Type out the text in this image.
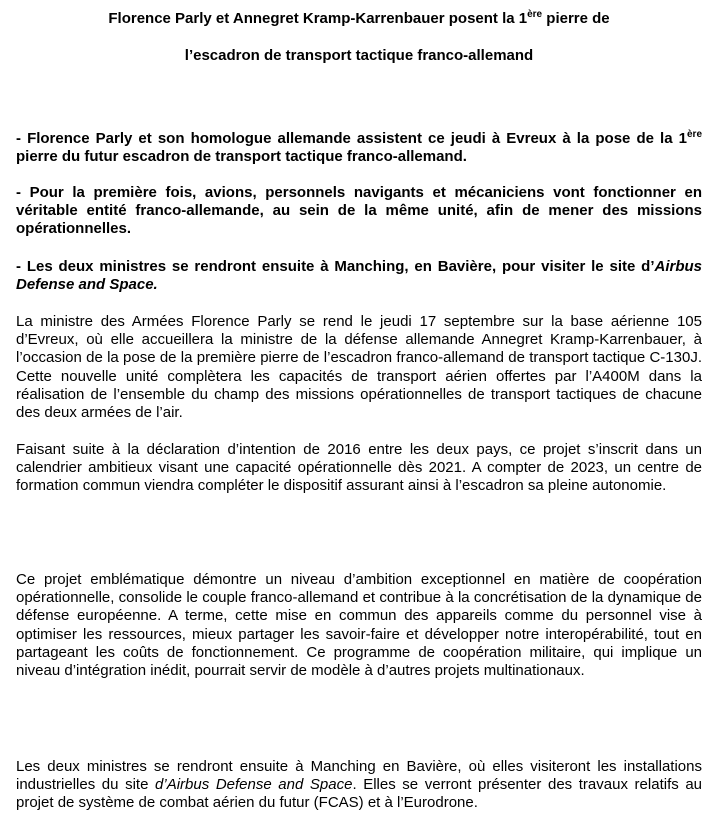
Florence Parly et Annegret Kramp-Karrenbauer posent la 1ère pierre de
l’escadron de transport tactique franco-allemand

- Florence Parly et son homologue allemande assistent ce jeudi à Evreux à la pose de la 1ère pierre du futur escadron de transport tactique franco-allemand.

- Pour la première fois, avions, personnels navigants et mécaniciens vont fonctionner en véritable entité franco-allemande, au sein de la même unité, afin de mener des missions opérationnelles.

- Les deux ministres se rendront ensuite à Manching, en Bavière, pour visiter le site d’Airbus Defense and Space.

La ministre des Armées Florence Parly se rend le jeudi 17 septembre sur la base aérienne 105 d’Evreux, où elle accueillera la ministre de la défense allemande Annegret Kramp-Karrenbauer, à l’occasion de la pose de la première pierre de l’escadron franco-allemand de transport tactique C-130J. Cette nouvelle unité complètera les capacités de transport aérien offertes par l’A400M dans la réalisation de l’ensemble du champ des missions opérationnelles de transport tactiques de chacune des deux armées de l’air.

Faisant suite à la déclaration d’intention de 2016 entre les deux pays, ce projet s’inscrit dans un calendrier ambitieux visant une capacité opérationnelle dès 2021. A compter de 2023, un centre de formation commun viendra compléter le dispositif assurant ainsi à l’escadron sa pleine autonomie.

Ce projet emblématique démontre un niveau d’ambition exceptionnel en matière de coopération opérationnelle, consolide le couple franco-allemand et contribue à la concrétisation de la dynamique de défense européenne. A terme, cette mise en commun des appareils comme du personnel vise à optimiser les ressources, mieux partager les savoir-faire et développer notre interopérabilité, tout en partageant les coûts de fonctionnement. Ce programme de coopération militaire, qui implique un niveau d’intégration inédit, pourrait servir de modèle à d’autres projets multinationaux.

Les deux ministres se rendront ensuite à Manching en Bavière, où elles visiteront les installations industrielles du site d’Airbus Defense and Space. Elles se verront présenter des travaux relatifs au projet de système de combat aérien du futur (FCAS) et à l’Eurodrone.
